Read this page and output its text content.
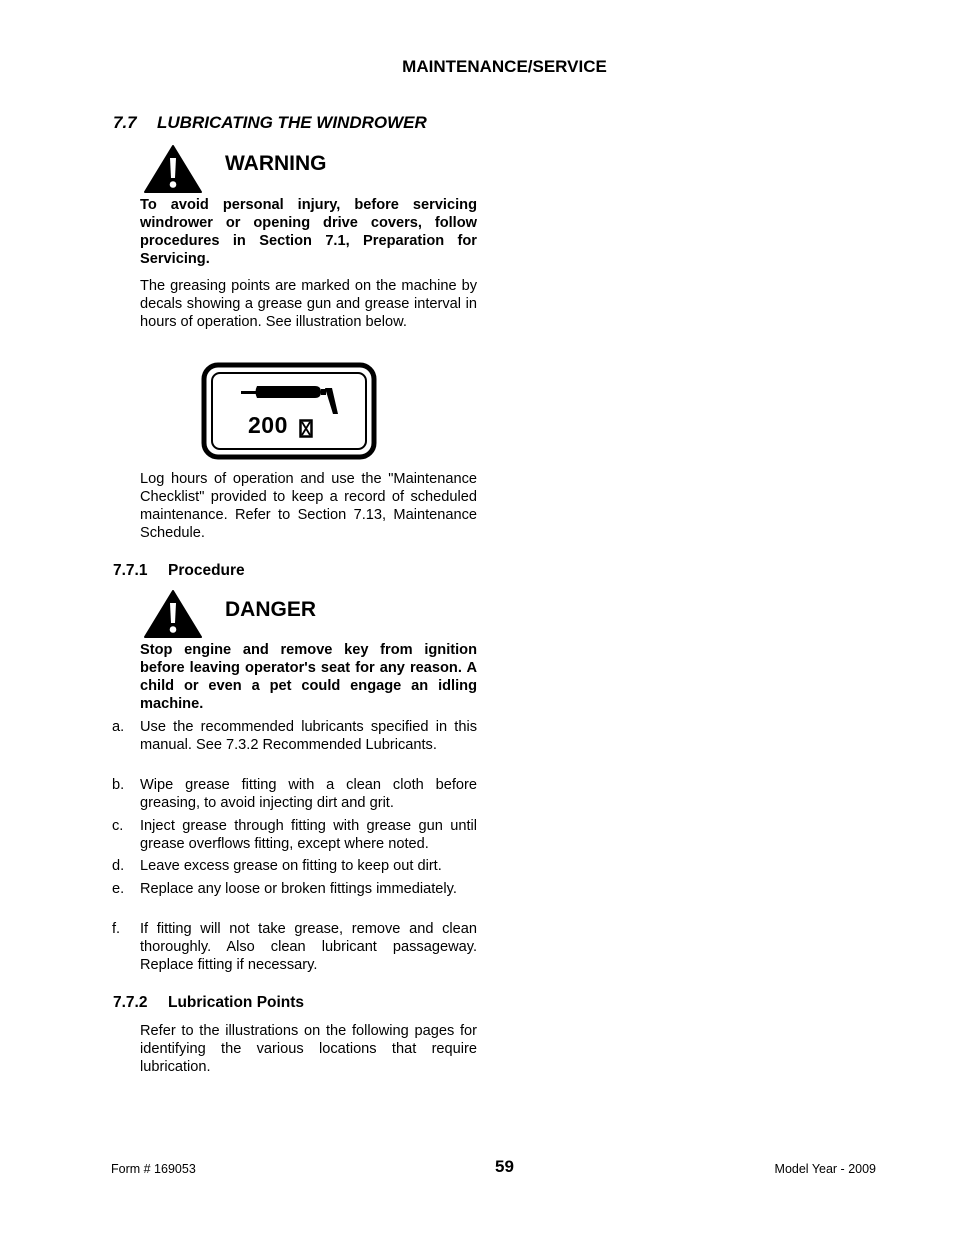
MAINTENANCE/SERVICE
7.7 LUBRICATING THE WINDROWER
WARNING
To avoid personal injury, before servicing windrower or opening drive covers, follow procedures in Section 7.1, Preparation for Servicing.
The greasing points are marked on the machine by decals showing a grease gun and grease interval in hours of operation. See illustration below.
200
Log hours of operation and use the "Maintenance Checklist" provided to keep a record of scheduled maintenance. Refer to Section 7.13, Maintenance Schedule.
7.7.1 Procedure
DANGER
Stop engine and remove key from ignition before leaving operator's seat for any reason. A child or even a pet could engage an idling machine.
a. Use the recommended lubricants specified in this manual. See 7.3.2 Recommended Lubricants.
b. Wipe grease fitting with a clean cloth before greasing, to avoid injecting dirt and grit.
c. Inject grease through fitting with grease gun until grease overflows fitting, except where noted.
d. Leave excess grease on fitting to keep out dirt.
e. Replace any loose or broken fittings immediately.
f. If fitting will not take grease, remove and clean thoroughly. Also clean lubricant passageway. Replace fitting if necessary.
7.7.2 Lubrication Points
Refer to the illustrations on the following pages for identifying the various locations that require lubrication.
Form # 169053	59	Model Year - 2009
